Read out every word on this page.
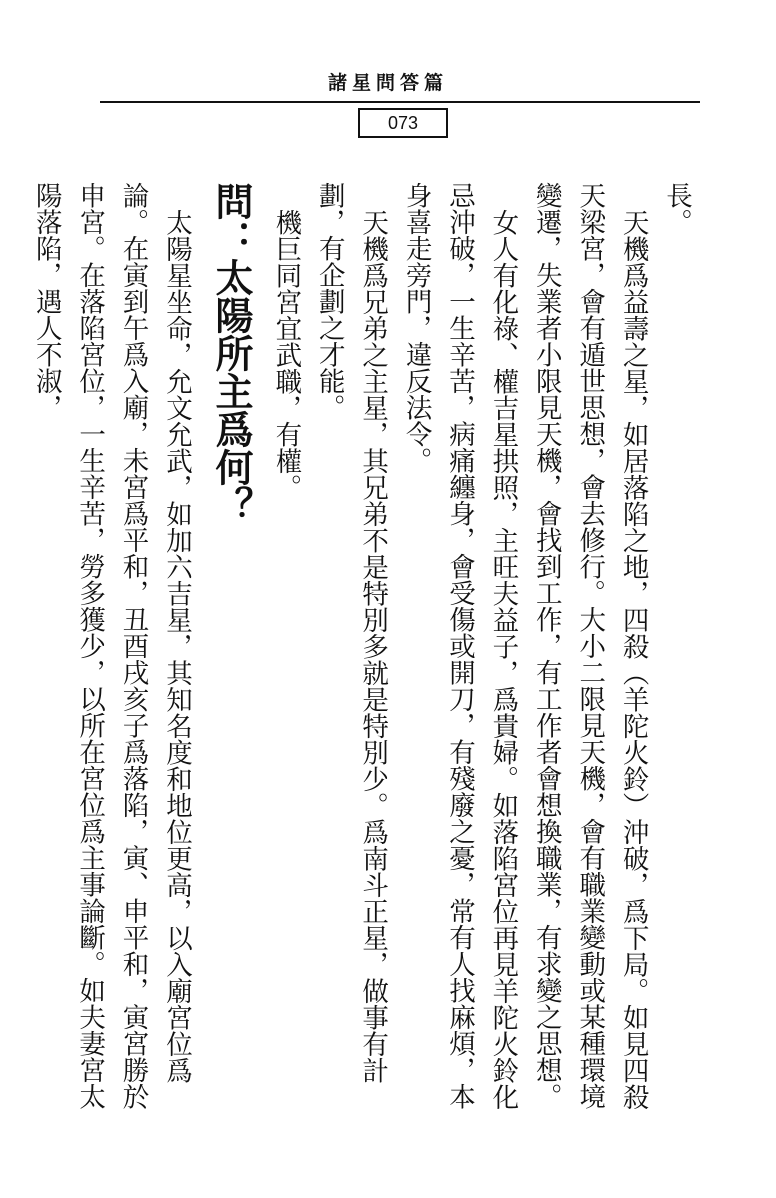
諸星問答篇
073

長。

天機爲益壽之星，如居落陷之地，四殺（羊陀火鈴）沖破，爲下局。如見四殺天梁宮，會有遁世思想，會去修行。大小二限見天機，會有職業變動或某種環境變遷，失業者小限見天機，會找到工作，有工作者會想換職業，有求變之思想。

女人有化祿、權吉星拱照，主旺夫益子，爲貴婦。如落陷宮位再見羊陀火鈴化忌沖破，一生辛苦，病痛纏身，會受傷或開刀，有殘廢之憂，常有人找麻煩，本身喜走旁門，違反法令。

天機爲兄弟之主星，其兄弟不是特別多就是特別少。爲南斗正星，做事有計劃，有企劃之才能。

機巨同宮宜武職，有權。

問：太陽所主爲何？

太陽星坐命，允文允武，如加六吉星，其知名度和地位更高，以入廟宮位爲論。在寅到午爲入廟，未宮爲平和，丑酉戌亥子爲落陷，寅、申平和，寅宮勝於申宮。在落陷宮位，一生辛苦，勞多獲少，以所在宮位爲主事論斷。如夫妻宮太陽落陷，遇人不淑，
